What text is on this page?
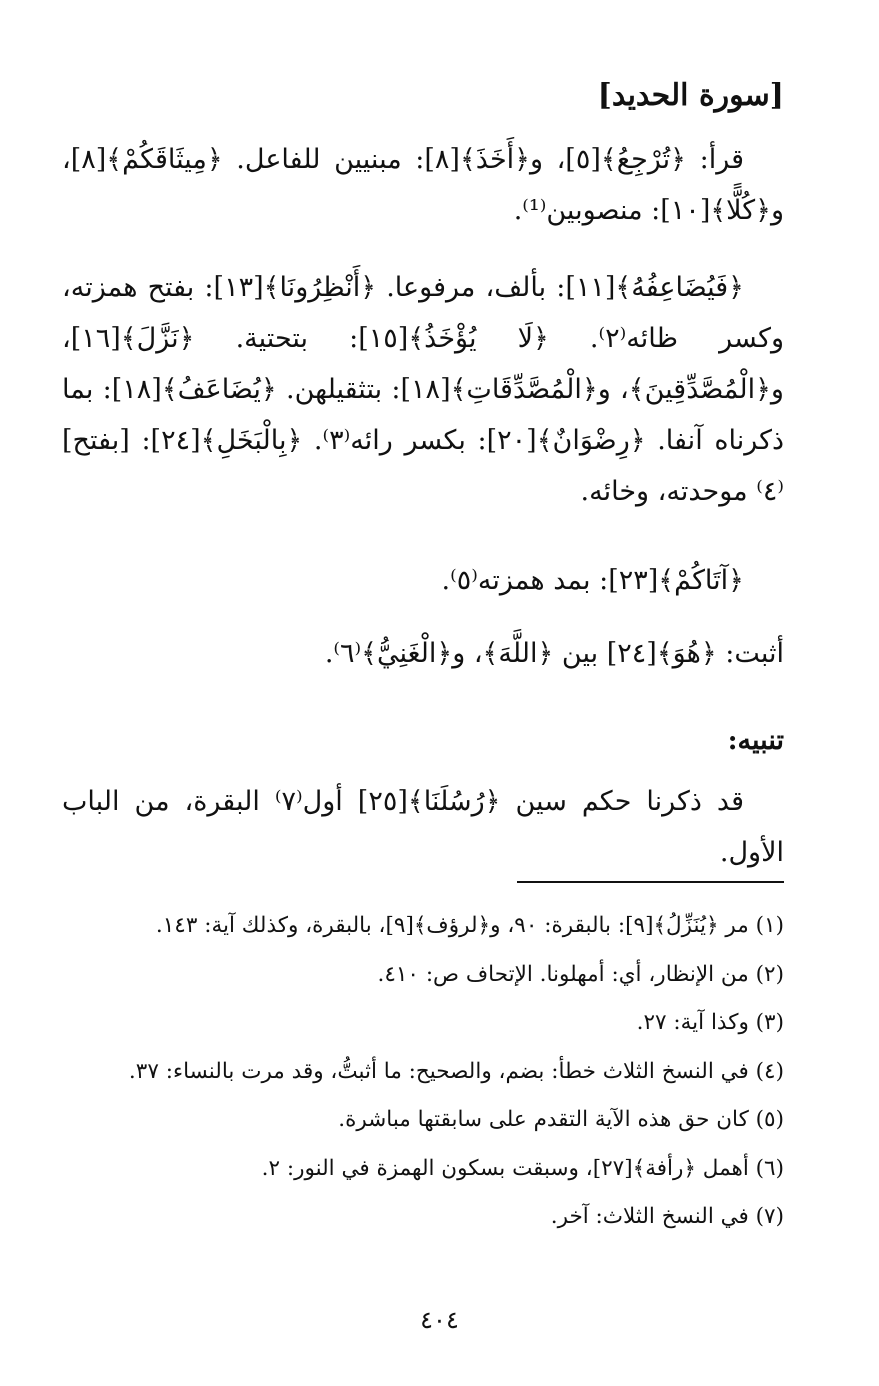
[سورة الحديد]
قرأ: ﴿تُرْجِعُ﴾[٥]، و﴿أَخَذَ﴾[٨]: مبنيين للفاعل. ﴿مِيثَاقَكُمْ﴾[٨]، و﴿كُلًّا﴾[١٠]: منصوبين⁽¹⁾.
﴿فَيُضَاعِفُهُ﴾[١١]: بألف، مرفوعا. ﴿أَنْظِرُونَا﴾[١٣]: بفتح همزته، وكسر ظائه⁽٢⁾. ﴿لَا يُؤْخَذُ﴾[١٥]: بتحتية. ﴿نَزَّلَ﴾[١٦]، و﴿الْمُصَّدِّقِينَ﴾، و﴿الْمُصَّدِّقَاتِ﴾[١٨]: بتثقيلهن. ﴿يُضَاعَفُ﴾[١٨]: بما ذكرناه آنفا. ﴿رِضْوَانٌ﴾[٢٠]: بكسر رائه⁽٣⁾. ﴿بِالْبَخَلِ﴾[٢٤]: [بفتح]⁽٤⁾ موحدته، وخائه.
﴿آتَاكُمْ﴾[٢٣]: بمد همزته⁽٥⁾.
أثبت: ﴿هُوَ﴾[٢٤] بين ﴿اللَّهَ﴾، و﴿الْغَنِيُّ﴾⁽٦⁾.
تنبيه:
قد ذكرنا حكم سين ﴿رُسُلَنَا﴾[٢٥] أول⁽٧⁾ البقرة، من الباب الأول.

(١) مر ﴿يُنَزِّلُ﴾[٩]: بالبقرة: ٩٠، و﴿لرؤف﴾[٩]، بالبقرة، وكذلك آية: ١٤٣.

(٢) من الإنظار، أي: أمهلونا. الإتحاف ص: ٤١٠.

(٣) وكذا آية: ٢٧.

(٤) في النسخ الثلاث خطأ: بضم، والصحيح: ما أثبتُّ، وقد مرت بالنساء: ٣٧.

(٥) كان حق هذه الآية التقدم على سابقتها مباشرة.

(٦) أهمل ﴿رأفة﴾[٢٧]، وسبقت بسكون الهمزة في النور: ٢.

(٧) في النسخ الثلاث: آخر.

٤٠٤
